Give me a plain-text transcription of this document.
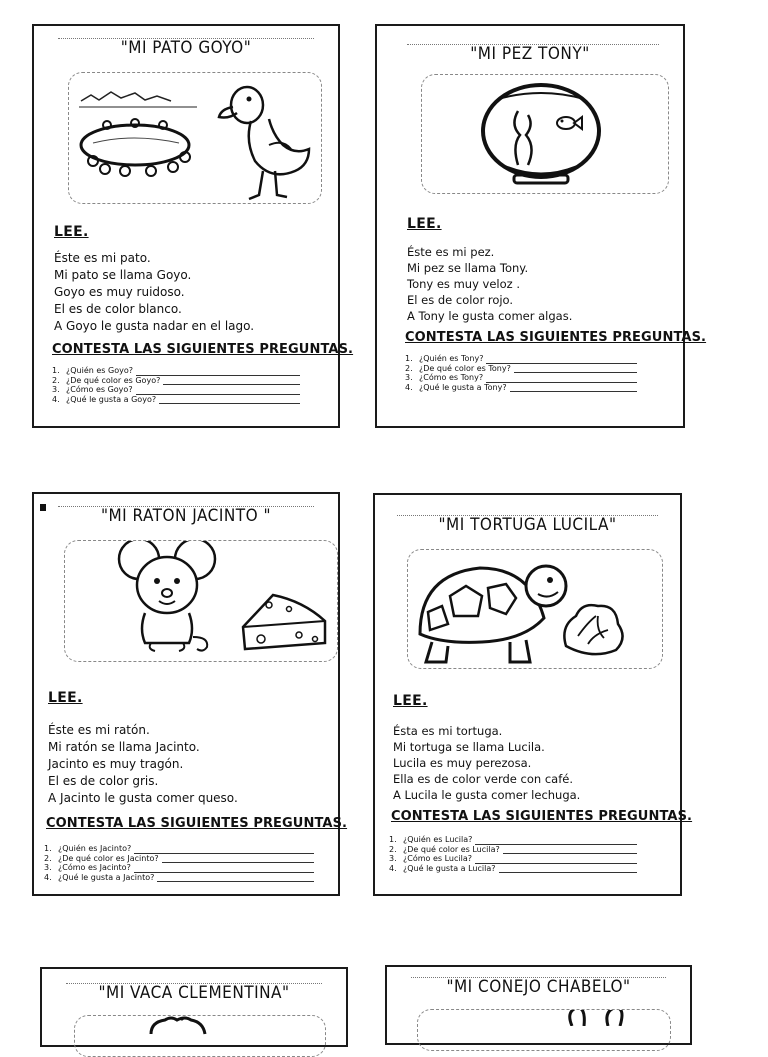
"MI PATO GOYO"
LEE.
Éste es mi pato.
Mi pato se llama Goyo.
Goyo es muy ruidoso.
El es de color blanco.
A Goyo le gusta nadar en el lago.
CONTESTA LAS SIGUIENTES PREGUNTAS.
1. ¿Quién es Goyo?
2. ¿De qué color es Goyo?
3. ¿Cómo es Goyo?
4. ¿Qué le gusta a Goyo?
"MI PEZ TONY"
LEE.
Éste es mi pez.
Mi pez se llama Tony.
Tony es muy veloz .
El es de color rojo.
A Tony le gusta comer algas.
CONTESTA LAS SIGUIENTES PREGUNTAS.
1. ¿Quién es Tony?
2. ¿De qué color es Tony?
3. ¿Cómo es Tony?
4. ¿Qué le gusta a Tony?
"MI RATON JACINTO "
LEE.
Éste es mi ratón.
Mi ratón se llama Jacinto.
Jacinto es muy tragón.
El es de color gris.
A Jacinto le gusta comer queso.
CONTESTA LAS SIGUIENTES PREGUNTAS.
1. ¿Quién es Jacinto?
2. ¿De qué color es Jacinto?
3. ¿Cómo es Jacinto?
4. ¿Qué le gusta a Jacinto?
"MI TORTUGA LUCILA"
LEE.
Ésta es mi tortuga.
Mi tortuga se llama Lucila.
Lucila es muy perezosa.
Ella es de color verde con café.
A Lucila le gusta comer lechuga.
CONTESTA LAS SIGUIENTES PREGUNTAS.
1. ¿Quién es Lucila?
2. ¿De qué color es Lucila?
3. ¿Cómo es Lucila?
4. ¿Qué le gusta a Lucila?
"MI VACA CLEMENTINA"	"MI CONEJO CHABELO"
